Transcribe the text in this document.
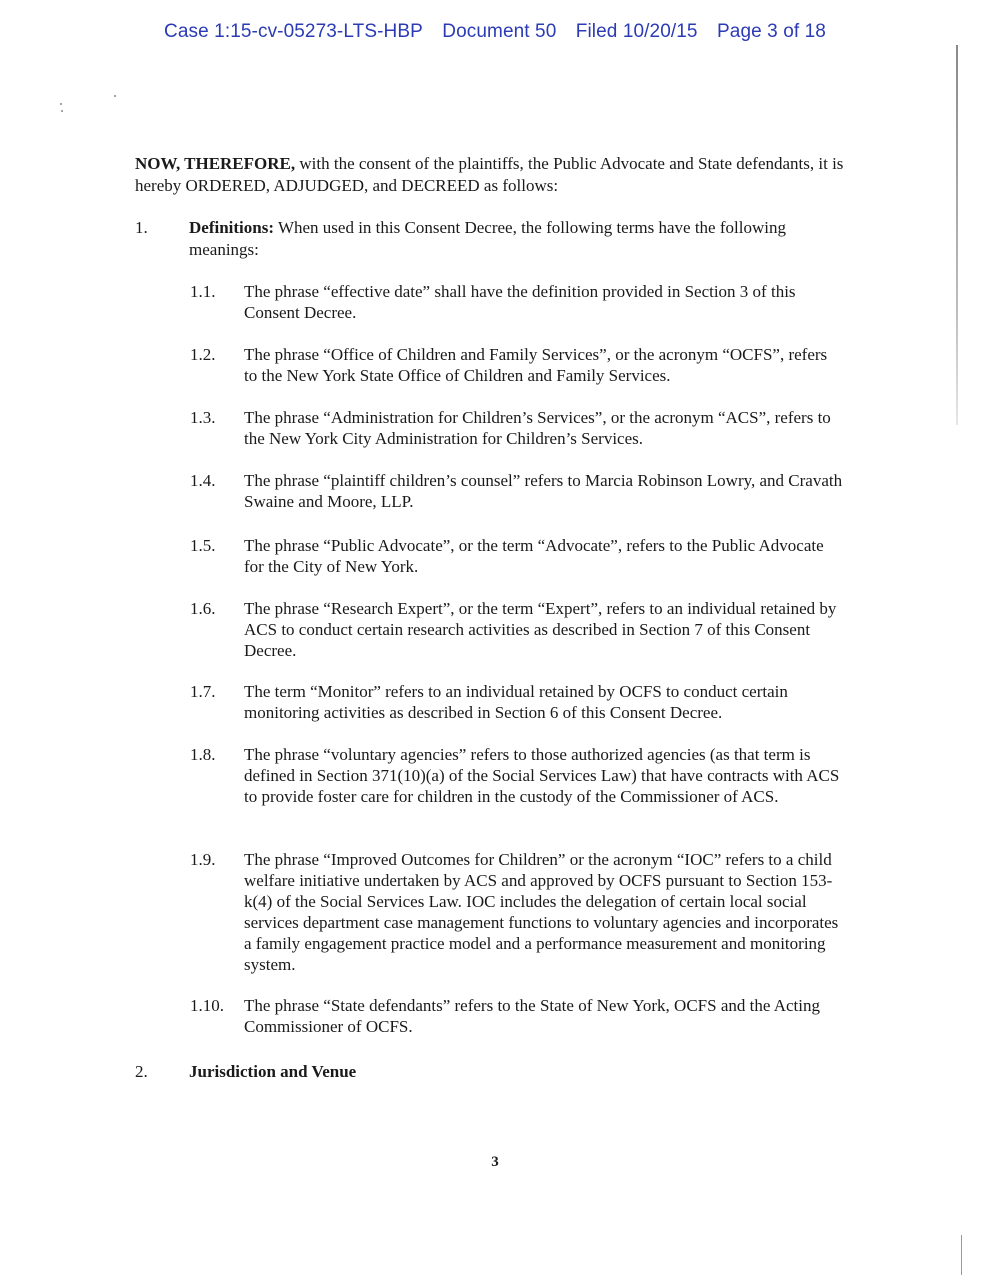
Case 1:15-cv-05273-LTS-HBP Document 50 Filed 10/20/15 Page 3 of 18
NOW, THEREFORE, with the consent of the plaintiffs, the Public Advocate and State defendants, it is hereby ORDERED, ADJUDGED, and DECREED as follows:
1.	Definitions: When used in this Consent Decree, the following terms have the following meanings:
1.1.	The phrase “effective date” shall have the definition provided in Section 3 of this Consent Decree.
1.2.	The phrase “Office of Children and Family Services”, or the acronym “OCFS”, refers to the New York State Office of Children and Family Services.
1.3.	The phrase “Administration for Children’s Services”, or the acronym “ACS”, refers to the New York City Administration for Children’s Services.
1.4.	The phrase “plaintiff children’s counsel” refers to Marcia Robinson Lowry, and Cravath Swaine and Moore, LLP.
1.5.	The phrase “Public Advocate”, or the term “Advocate”, refers to the Public Advocate for the City of New York.
1.6.	The phrase “Research Expert”, or the term “Expert”, refers to an individual retained by ACS to conduct certain research activities as described in Section 7 of this Consent Decree.
1.7.	The term “Monitor” refers to an individual retained by OCFS to conduct certain monitoring activities as described in Section 6 of this Consent Decree.
1.8.	The phrase “voluntary agencies” refers to those authorized agencies (as that term is defined in Section 371(10)(a) of the Social Services Law) that have contracts with ACS to provide foster care for children in the custody of the Commissioner of ACS.
1.9.	The phrase “Improved Outcomes for Children” or the acronym “IOC” refers to a child welfare initiative undertaken by ACS and approved by OCFS pursuant to Section 153-k(4) of the Social Services Law. IOC includes the delegation of certain local social services department case management functions to voluntary agencies and incorporates a family engagement practice model and a performance measurement and monitoring system.
1.10.	The phrase “State defendants” refers to the State of New York, OCFS and the Acting Commissioner of OCFS.
2.	Jurisdiction and Venue
3
